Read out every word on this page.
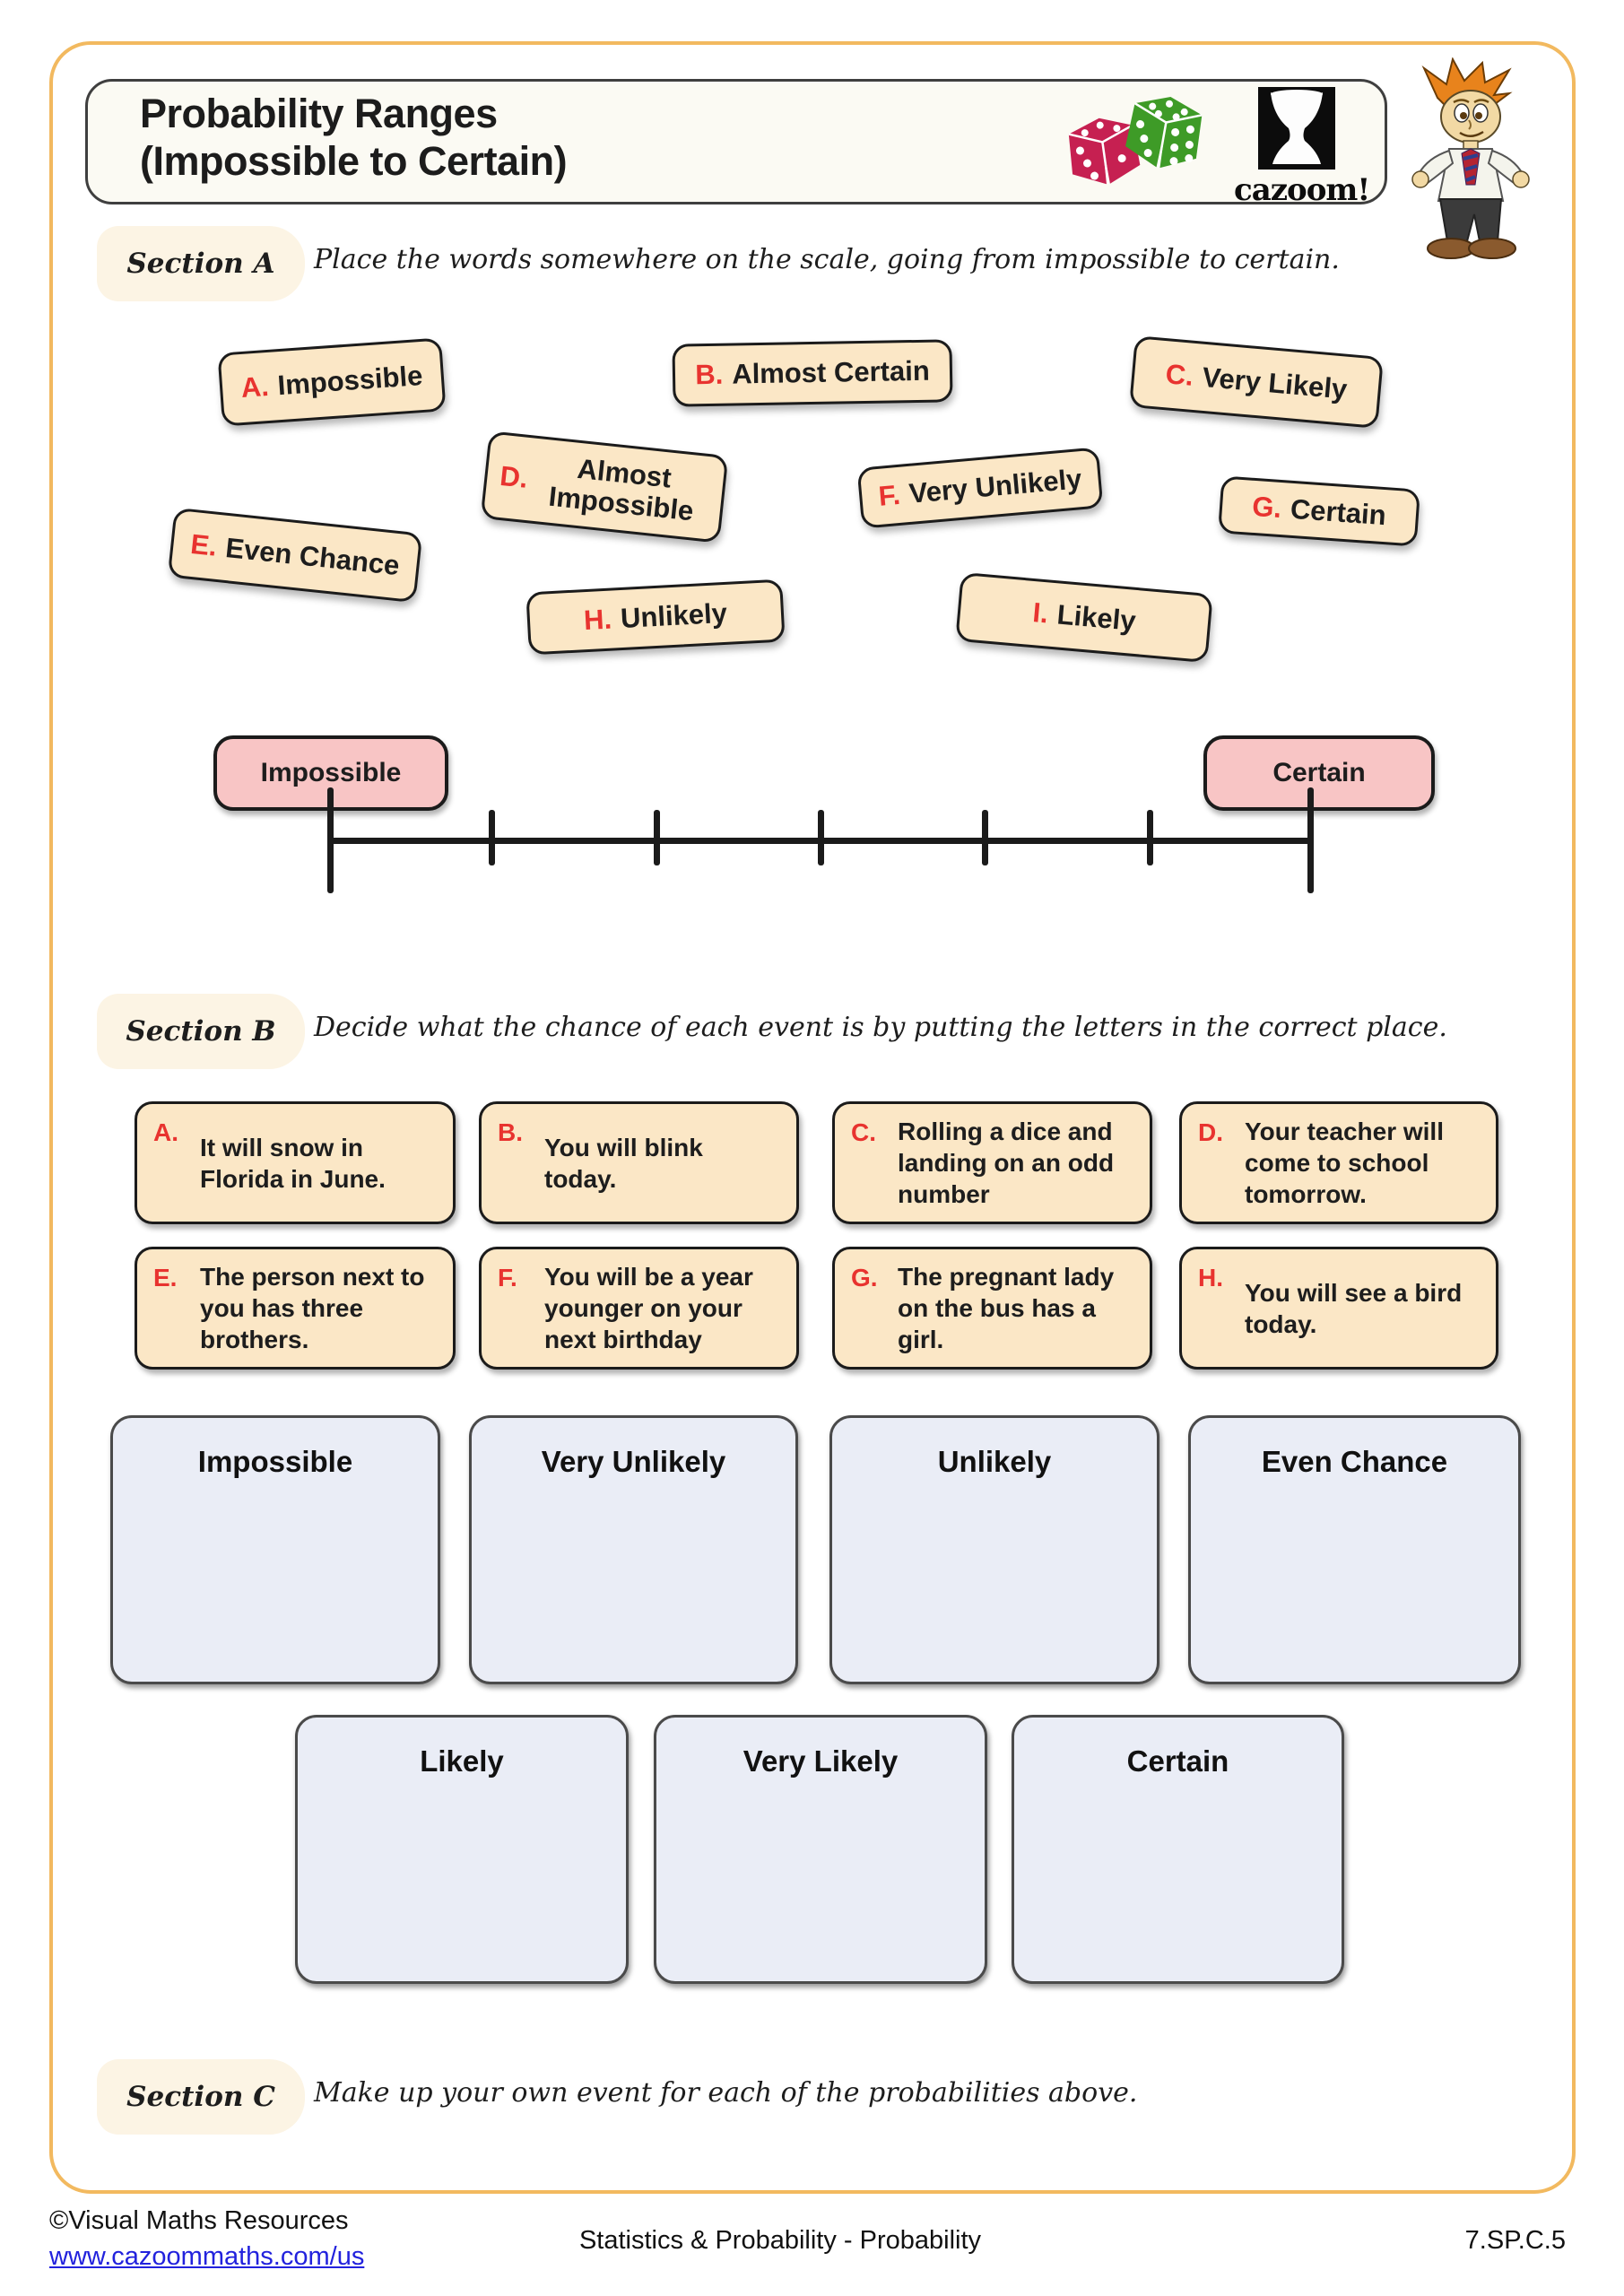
Probability Ranges
(Impossible to Certain)
cazoom!
Section A	Place the words somewhere on the scale, going from impossible to certain.
A. Impossible	B. Almost Certain	C. Very Likely
D.	Almost Impossible
E. Even Chance
F. Very Unlikely	G. Certain
H. Unlikely	I. Likely
Impossible	Certain
Section B	Decide what the chance of each event is by putting the letters in the correct place.
A.
It will snow in Florida in June.
B.
You will blink today.
C. Rolling a dice and landing on an odd number
D. Your teacher will come to school tomorrow.
E. The person next to you has three brothers.
F.	You will be a year younger on your next birthday
G. The pregnant lady on the bus has a girl.
H.
You will see a bird today.
Impossible	Very Unlikely	Unlikely	Even Chance
Likely	Very Likely	Certain
Section C	Make up your own event for each of the probabilities above.
©Visual Maths Resources
www.cazoommaths.com/us
Statistics & Probability - Probability	7.SP.C.5
